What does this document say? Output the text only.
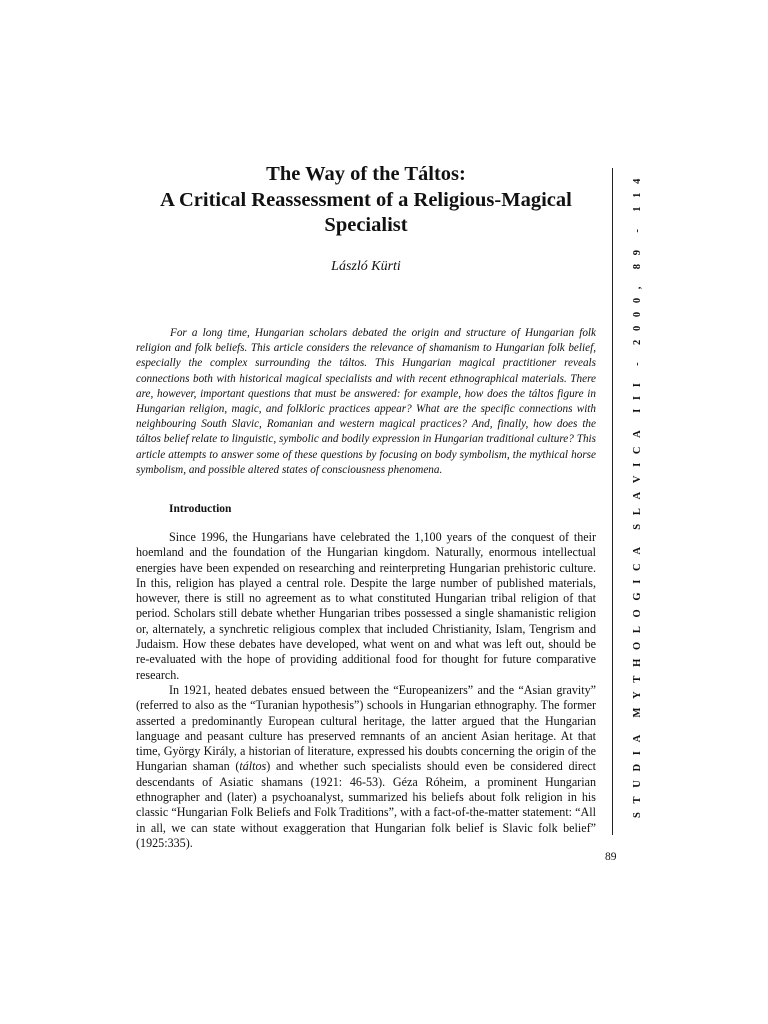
The Way of the Táltos:
A Critical Reassessment of a Religious-Magical
Specialist
László Kürti
For a long time, Hungarian scholars debated the origin and structure of Hungarian folk religion and folk beliefs. This article considers the relevance of shamanism to Hungarian folk belief, especially the complex surrounding the táltos. This Hungarian magical practitioner reveals connections both with historical magical specialists and with recent ethnographical materials. There are, however, important questions that must be answered: for example, how does the táltos figure in Hungarian religion, magic, and folkloric practices appear? What are the specific connections with neighbouring South Slavic, Romanian and western magical practices? And, finally, how does the táltos belief relate to linguistic, symbolic and bodily expression in Hungarian traditional culture? This article attempts to answer some of these questions by focusing on body symbolism, the mythical horse symbolism, and possible altered states of consciousness phenomena.
Introduction

Since 1996, the Hungarians have celebrated the 1,100 years of the conquest of their hoemland and the foundation of the Hungarian kingdom. Naturally, enormous intellectual energies have been expended on researching and reinterpreting Hungarian prehistoric culture. In this, religion has played a central role. Despite the large number of published materials, however, there is still no agreement as to what constituted Hungarian tribal religion of that period. Scholars still debate whether Hungarian tribes possessed a single shamanistic religion or, alternately, a synchretic religious complex that included Christianity, Islam, Tengrism and Judaism. How these debates have developed, what went on and what was left out, should be re-evaluated with the hope of providing additional food for thought for future comparative research.

In 1921, heated debates ensued between the “Europeanizers” and the “Asian gravity” (referred to also as the “Turanian hypothesis”) schools in Hungarian ethnography. The former asserted a predominantly European cultural heritage, the latter argued that the Hungarian language and peasant culture has preserved remnants of an ancient Asian heritage. At that time, György Király, a historian of literature, expressed his doubts concerning the origin of the Hungarian shaman (táltos) and whether such specialists should even be considered direct descendants of Asiatic shamans (1921: 46-53). Géza Róheim, a prominent Hungarian ethnographer and (later) a psychoanalyst, summarized his beliefs about folk religion in his classic “Hungarian Folk Beliefs and Folk Traditions”, with a fact-of-the-matter statement: “All in all, we can state without exaggeration that Hungarian folk belief is Slavic folk belief” (1925:335).

S
T
U
D
I
A
M
Y
T
H
O
L
O
G
I
C
A
S
L
A
V
I
C
A
I
I
I
-
2
0
0
0
,
8
9
-
1
1
4
89
